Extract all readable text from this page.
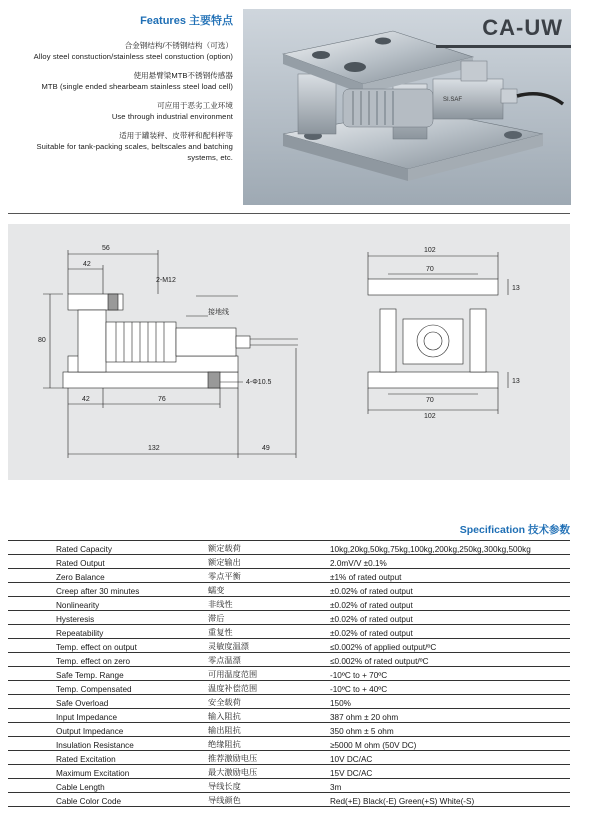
Features 主要特点
合金钢结构/不锈钢结构（可选）
Alloy steel constuction/stainless steel constuction (option)
使用悬臂梁MTB不锈钢传感器
MTB (single ended shearbeam stainless steel load cell)
可应用于恶劣工业环境
Use through industrial environment
适用于罐装秤、皮带秤和配料秤等
Suitable for tank-packing scales, beltscales and batching systems, etc.
SI.SAF
CA-UW
56
42
2-M12
接地线
80
4-Φ10.5
42	76
132	49
102
70
13
13
70
102
Specification 技术参数
Rated Capacity	额定载荷	10kg,20kg,50kg,75kg,100kg,200kg,250kg,300kg,500kg
Rated Output	额定输出	2.0mV/V ±0.1%
Zero Balance	零点平衡	±1% of rated output
Creep after 30 minutes	蠕变	±0.02% of rated output
Nonlinearity	非线性	±0.02% of rated output
Hysteresis	滞后	±0.02% of rated output
Repeatability	重复性	±0.02% of rated output
Temp. effect on output	灵敏度温漂	≤0.002% of applied output/ºC
Temp. effect on zero	零点温漂	≤0.002% of rated output/ºC
Safe Temp. Range	可用温度范围	-10ºC to + 70ºC
Temp. Compensated	温度补偿范围	-10ºC to + 40ºC
Safe Overload	安全载荷	150%
Input Impedance	输入阻抗	387 ohm ± 20 ohm
Output Impedance	输出阻抗	350 ohm ± 5 ohm
Insulation Resistance	绝缘阻抗	≥5000 M ohm (50V DC)
Rated Excitation	推荐激励电压	10V DC/AC
Maximum Excitation	最大激励电压	15V DC/AC
Cable Length	导线长度	3m
Cable Color Code	导线颜色	Red(+E) Black(-E) Green(+S) White(-S)
